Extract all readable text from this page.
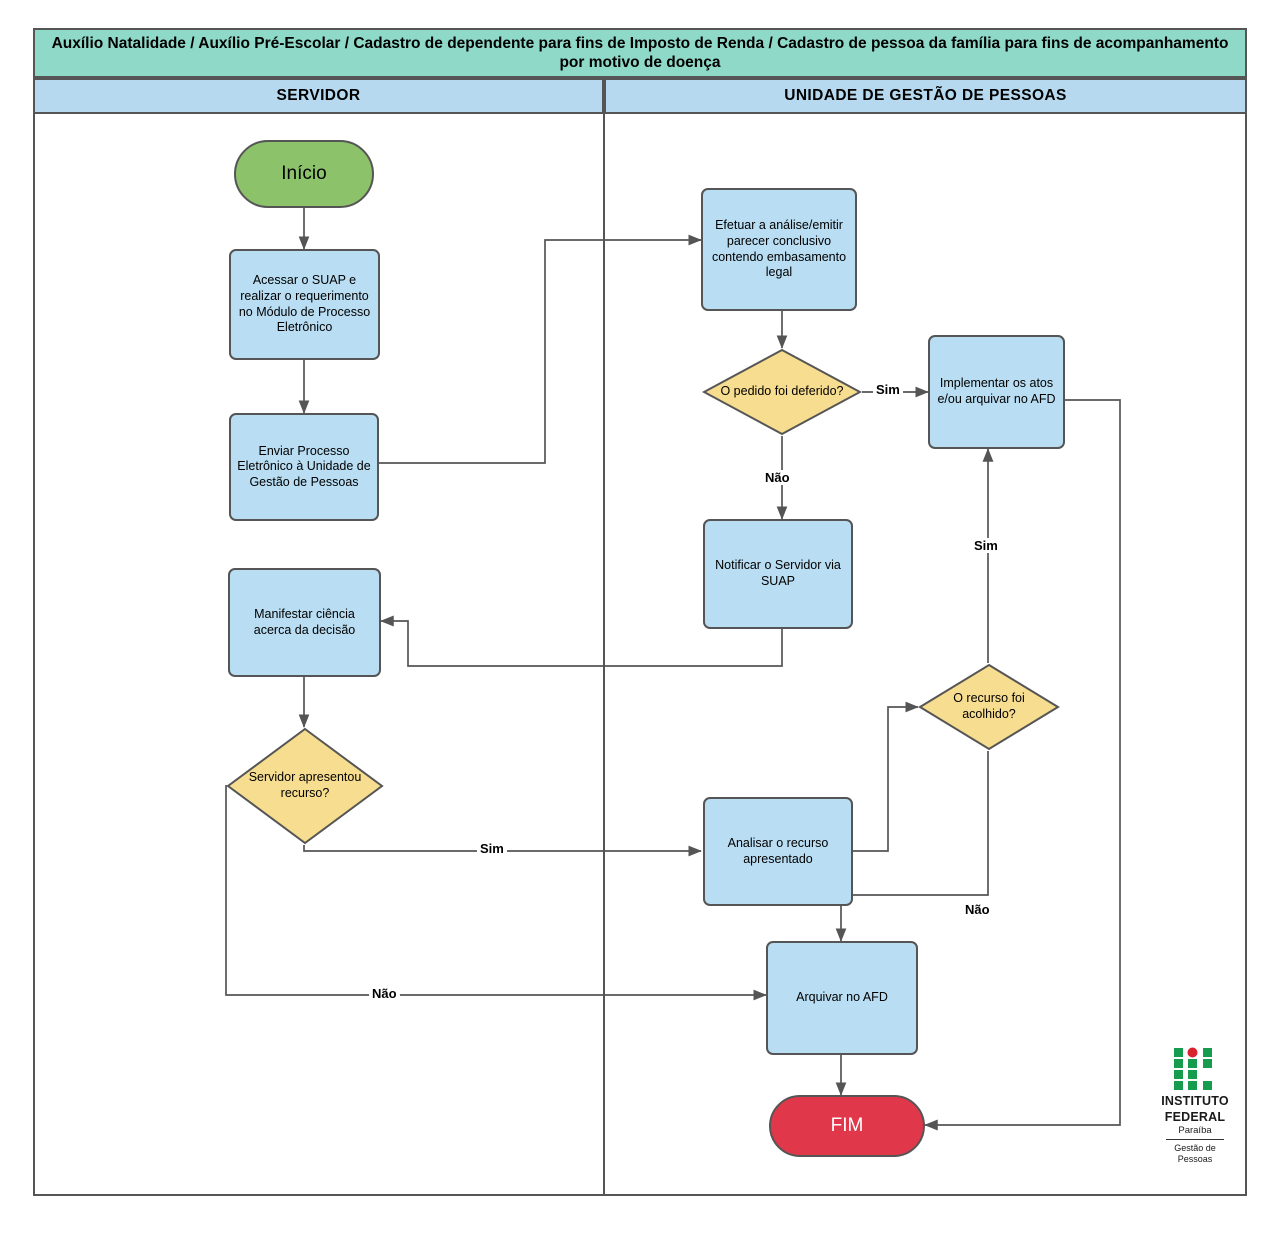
Auxílio Natalidade / Auxílio Pré-Escolar / Cadastro de dependente para fins de Imposto de Renda / Cadastro de pessoa da família para fins de acompanhamento por motivo de doença
SERVIDOR	UNIDADE DE GESTÃO DE PESSOAS
Sim
Não
Sim
Não
Sim
Não
Início
Acessar o SUAP e realizar o requerimento no Módulo de Processo Eletrônico
Enviar Processo Eletrônico à Unidade de Gestão de Pessoas
Efetuar a análise/emitir parecer conclusivo contendo embasamento legal
O pedido foi deferido?
Implementar os atos e/ou arquivar no AFD
Notificar o Servidor via SUAP
Manifestar ciência acerca da decisão
Servidor apresentou recurso?
Analisar o recurso apresentado
O recurso foi acolhido?
Arquivar no AFD
FIM
INSTITUTO
FEDERAL
Paraíba
Gestão de
Pessoas
